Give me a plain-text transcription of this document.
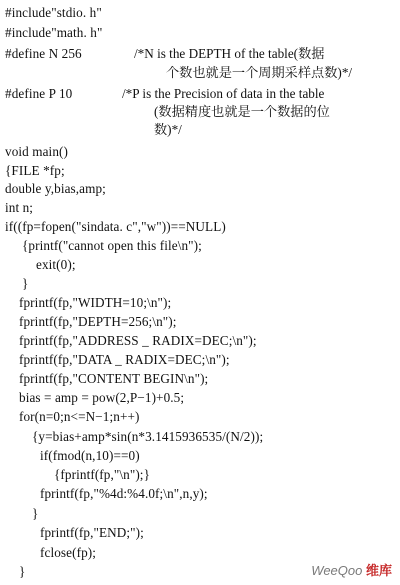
#include"stdio. h"
#include"math. h"
#define N 256	/*N is the DEPTH of the table(数据
个数也就是一个周期采样点数)*/
#define P 10	/*P is the Precision of data in the table
(数据精度也就是一个数据的位
数)*/
void main()
{FILE *fp;
double y,bias,amp;
int n;
if((fp=fopen("sindata. c","w"))==NULL)
{printf("cannot open this file\n");
exit(0);
}
fprintf(fp,"WIDTH=10;\n");
fprintf(fp,"DEPTH=256;\n");
fprintf(fp,"ADDRESS _ RADIX=DEC;\n");
fprintf(fp,"DATA _ RADIX=DEC;\n");
fprintf(fp,"CONTENT BEGIN\n");
bias = amp = pow(2,P−1)+0.5;
for(n=0;n<=N−1;n++)
{y=bias+amp*sin(n*3.1415936535/(N/2));
if(fmod(n,10)==0)
{fprintf(fp,"\n");}
fprintf(fp,"%4d:%4.0f;\n",n,y);
}
fprintf(fp,"END;");
fclose(fp);
}	WeeQoo 维库
